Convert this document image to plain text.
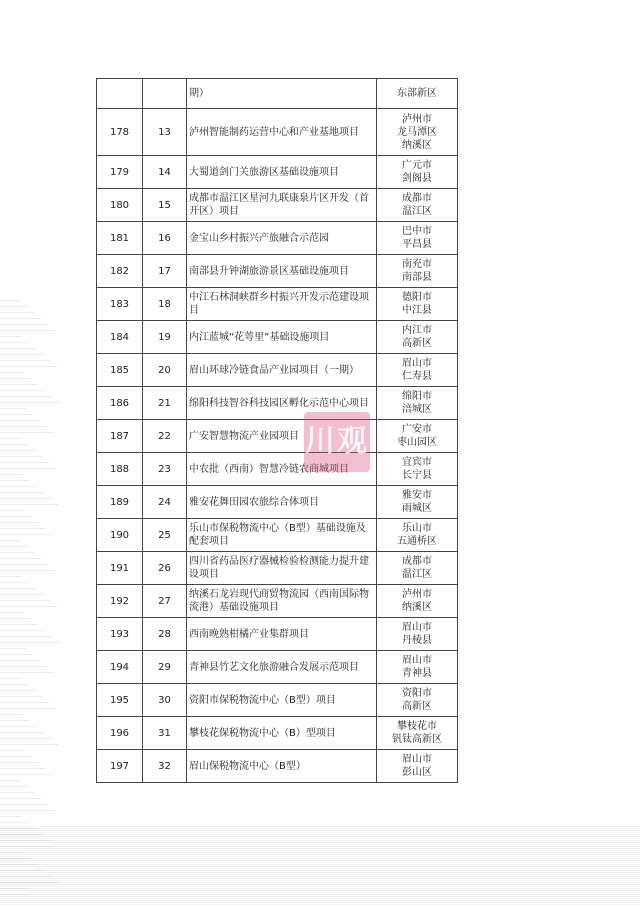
		期）	东部新区

178	13	泸州智能制药运营中心和产业基地项目	泸州市
龙马潭区
纳溪区

179	14	大蜀道剑门关旅游区基础设施项目	广元市
剑阁县

180	15	成都市温江区星河九联康泉片区开发（首开区）项目	成都市
温江区

181	16	金宝山乡村振兴产旅融合示范园	巴中市
平昌县

182	17	南部县升钟湖旅游景区基础设施项目	南充市
南部县

183	18	中江石林洞峡群乡村振兴开发示范建设项目	德阳市
中江县

184	19	内江蓝城“花萼里”基础设施项目	内江市
高新区

185	20	眉山环球冷链食品产业园项目（一期）	眉山市
仁寿县

186	21	绵阳科技智谷科技园区孵化示范中心项目	绵阳市
涪城区

187	22	广安智慧物流产业园项目	广安市
枣山园区

188	23	中农批（西南）智慧冷链农商城项目	宜宾市
长宁县

189	24	雅安花舞田园农旅综合体项目	雅安市
雨城区

190	25	乐山市保税物流中心（B型）基础设施及配套项目	乐山市
五通桥区

191	26	四川省药品医疗器械检验检测能力提升建设项目	成都市
温江区

192	27	纳溪石龙岩现代商贸物流园（西南国际物流港）基础设施项目	泸州市
纳溪区

193	28	西南晚熟柑橘产业集群项目	眉山市
丹棱县

194	29	青神县竹艺文化旅游融合发展示范项目	眉山市
青神县

195	30	资阳市保税物流中心（B型）项目	资阳市
高新区

196	31	攀枝花保税物流中心（B）型项目	攀枝花市
钒钛高新区

197	32	眉山保税物流中心（B型）	眉山市
彭山区
川观
